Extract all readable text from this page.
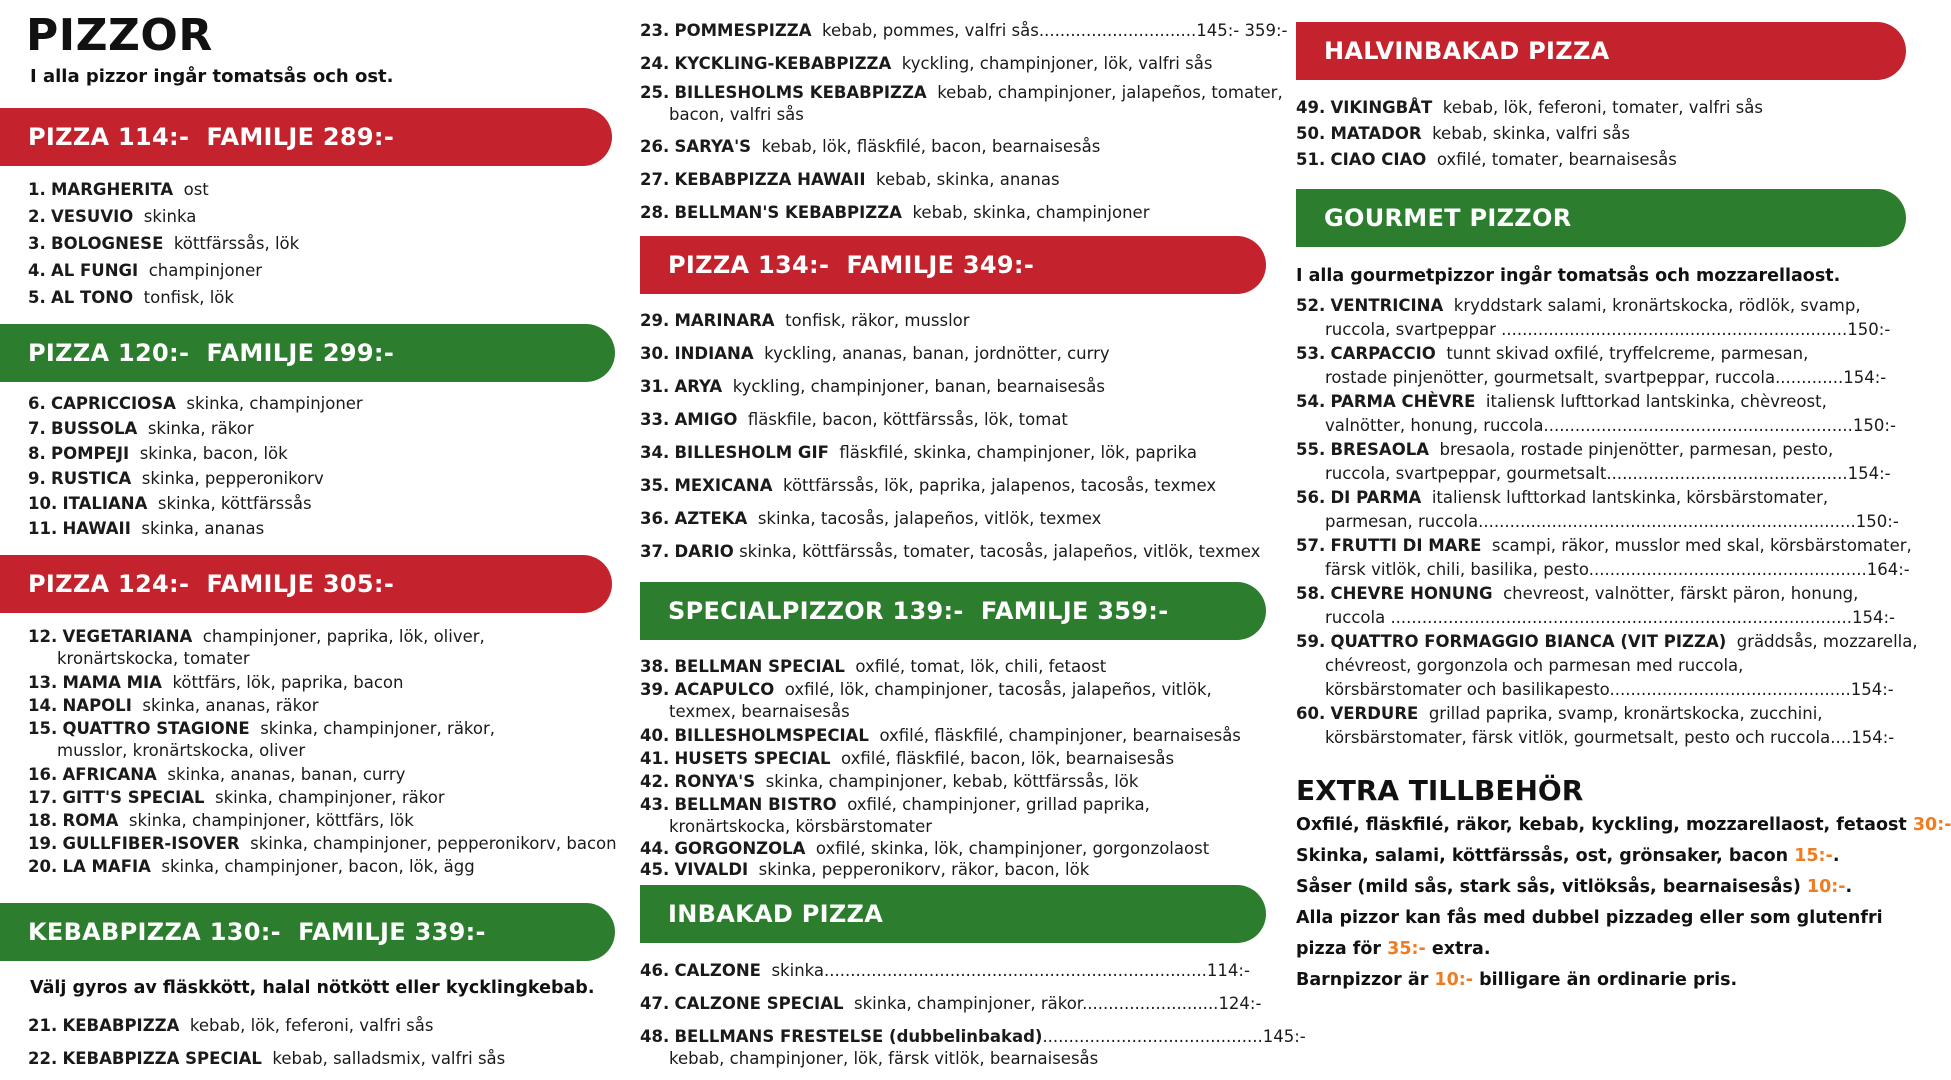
PIZZOR
I alla pizzor ingår tomatsås och ost.
PIZZA 114:-  FAMILJE 289:-
1. MARGHERITA ost
2. VESUVIO skinka
3. BOLOGNESE köttfärssås, lök
4. AL FUNGI champinjoner
5. AL TONO tonfisk, lök
PIZZA 120:-  FAMILJE 299:-
6. CAPRICCIOSA skinka, champinjoner
7. BUSSOLA skinka, räkor
8. POMPEJI skinka, bacon, lök
9. RUSTICA skinka, pepperonikorv
10. ITALIANA skinka, köttfärssås
11. HAWAII skinka, ananas
PIZZA 124:-  FAMILJE 305:-
12. VEGETARIANA champinjoner, paprika, lök, oliver,
kronärtskocka, tomater
13. MAMA MIA köttfärs, lök, paprika, bacon
14. NAPOLI skinka, ananas, räkor
15. QUATTRO STAGIONE skinka, champinjoner, räkor,
musslor, kronärtskocka, oliver
16. AFRICANA skinka, ananas, banan, curry
17. GITT'S SPECIAL skinka, champinjoner, räkor
18. ROMA skinka, champinjoner, köttfärs, lök
19. GULLFIBER-ISOVER skinka, champinjoner, pepperonikorv, bacon
20. LA MAFIA skinka, champinjoner, bacon, lök, ägg
KEBABPIZZA 130:-  FAMILJE 339:-
Välj gyros av fläskkött, halal nötkött eller kycklingkebab.
21. KEBABPIZZA kebab, lök, feferoni, valfri sås
22. KEBABPIZZA SPECIAL kebab, salladsmix, valfri sås
23. POMMESPIZZA kebab, pommes, valfri sås..............................145:- 359:-
24. KYCKLING-KEBABPIZZA kyckling, champinjoner, lök, valfri sås
25. BILLESHOLMS KEBABPIZZA kebab, champinjoner, jalapeños, tomater,
bacon, valfri sås
26. SARYA'S kebab, lök, fläskfilé, bacon, bearnaisesås
27. KEBABPIZZA HAWAII kebab, skinka, ananas
28. BELLMAN'S KEBABPIZZA kebab, skinka, champinjoner
PIZZA 134:-  FAMILJE 349:-
29. MARINARA tonfisk, räkor, musslor
30. INDIANA kyckling, ananas, banan, jordnötter, curry
31. ARYA kyckling, champinjoner, banan, bearnaisesås
33. AMIGO fläskfile, bacon, köttfärssås, lök, tomat
34. BILLESHOLM GIF fläskfilé, skinka, champinjoner, lök, paprika
35. MEXICANA köttfärssås, lök, paprika, jalapenos, tacosås, texmex
36. AZTEKA skinka, tacosås, jalapeños, vitlök, texmex
37. DARIO skinka, köttfärssås, tomater, tacosås, jalapeños, vitlök, texmex
SPECIALPIZZOR 139:-  FAMILJE 359:-
38. BELLMAN SPECIAL oxfilé, tomat, lök, chili, fetaost
39. ACAPULCO oxfilé, lök, champinjoner, tacosås, jalapeños, vitlök,
texmex, bearnaisesås
40. BILLESHOLMSPECIAL oxfilé, fläskfilé, champinjoner, bearnaisesås
41. HUSETS SPECIAL oxfilé, fläskfilé, bacon, lök, bearnaisesås
42. RONYA'S skinka, champinjoner, kebab, köttfärssås, lök
43. BELLMAN BISTRO oxfilé, champinjoner, grillad paprika,
kronärtskocka, körsbärstomater
44. GORGONZOLA oxfilé, skinka, lök, champinjoner, gorgonzolaost
45. VIVALDI skinka, pepperonikorv, räkor, bacon, lök
INBAKAD PIZZA
46. CALZONE skinka.........................................................................114:-
47. CALZONE SPECIAL skinka, champinjoner, räkor..........................124:-
48. BELLMANS FRESTELSE (dubbelinbakad)..........................................145:-
kebab, champinjoner, lök, färsk vitlök, bearnaisesås
HALVINBAKAD PIZZA
49. VIKINGBÅT kebab, lök, feferoni, tomater, valfri sås
50. MATADOR kebab, skinka, valfri sås
51. CIAO CIAO oxfilé, tomater, bearnaisesås
GOURMET PIZZOR
I alla gourmetpizzor ingår tomatsås och mozzarellaost.
52. VENTRICINA kryddstark salami, kronärtskocka, rödlök, svamp,
ruccola, svartpeppar ..................................................................150:-
53. CARPACCIO tunnt skivad oxfilé, tryffelcreme, parmesan,
rostade pinjenötter, gourmetsalt, svartpeppar, ruccola.............154:-
54. PARMA CHÈVRE italiensk lufttorkad lantskinka, chèvreost,
valnötter, honung, ruccola...........................................................150:-
55. BRESAOLA bresaola, rostade pinjenötter, parmesan, pesto,
ruccola, svartpeppar, gourmetsalt..............................................154:-
56. DI PARMA italiensk lufttorkad lantskinka, körsbärstomater,
parmesan, ruccola........................................................................150:-
57. FRUTTI DI MARE scampi, räkor, musslor med skal, körsbärstomater,
färsk vitlök, chili, basilika, pesto.....................................................164:-
58. CHEVRE HONUNG chevreost, valnötter, färskt päron, honung,
ruccola ........................................................................................154:-
59. QUATTRO FORMAGGIO BIANCA (VIT PIZZA) gräddsås, mozzarella,
chévreost, gorgonzola och parmesan med ruccola,
körsbärstomater och basilikapesto..............................................154:-
60. VERDURE grillad paprika, svamp, kronärtskocka, zucchini,
körsbärstomater, färsk vitlök, gourmetsalt, pesto och ruccola....154:-
EXTRA TILLBEHÖR
Oxfilé, fläskfilé, räkor, kebab, kyckling, mozzarellaost, fetaost 30:-
Skinka, salami, köttfärssås, ost, grönsaker, bacon 15:-.
Såser (mild sås, stark sås, vitlöksås, bearnaisesås) 10:-.
Alla pizzor kan fås med dubbel pizzadeg eller som glutenfri
pizza för 35:- extra.
Barnpizzor är 10:- billigare än ordinarie pris.
